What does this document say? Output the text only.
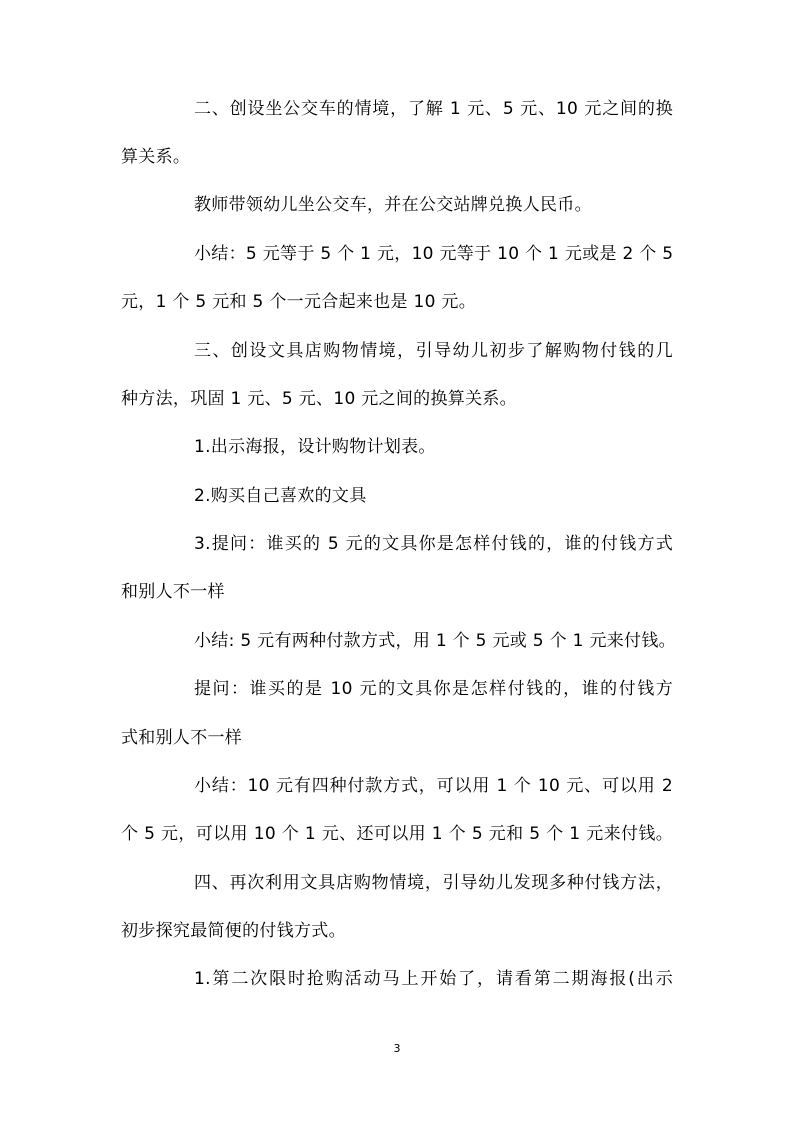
二、创设坐公交车的情境，了解 1 元、5 元、10 元之间的换
算关系。
教师带领幼儿坐公交车，并在公交站牌兑换人民币。
小结：5 元等于 5 个 1 元，10 元等于 10 个 1 元或是 2 个 5
元，1 个 5 元和 5 个一元合起来也是 10 元。
三、创设文具店购物情境，引导幼儿初步了解购物付钱的几
种方法，巩固 1 元、5 元、10 元之间的换算关系。
1.出示海报，设计购物计划表。
2.购买自己喜欢的文具
3.提问：谁买的 5 元的文具你是怎样付钱的，谁的付钱方式
和别人不一样
小结: 5 元有两种付款方式，用 1 个 5 元或 5 个 1 元来付钱。
提问：谁买的是 10 元的文具你是怎样付钱的，谁的付钱方
式和别人不一样
小结：10 元有四种付款方式，可以用 1 个 10 元、可以用 2
个 5 元，可以用 10 个 1 元、还可以用 1 个 5 元和 5 个 1 元来付钱。
四、再次利用文具店购物情境，引导幼儿发现多种付钱方法，
初步探究最简便的付钱方式。
1.第二次限时抢购活动马上开始了，请看第二期海报(出示
3
